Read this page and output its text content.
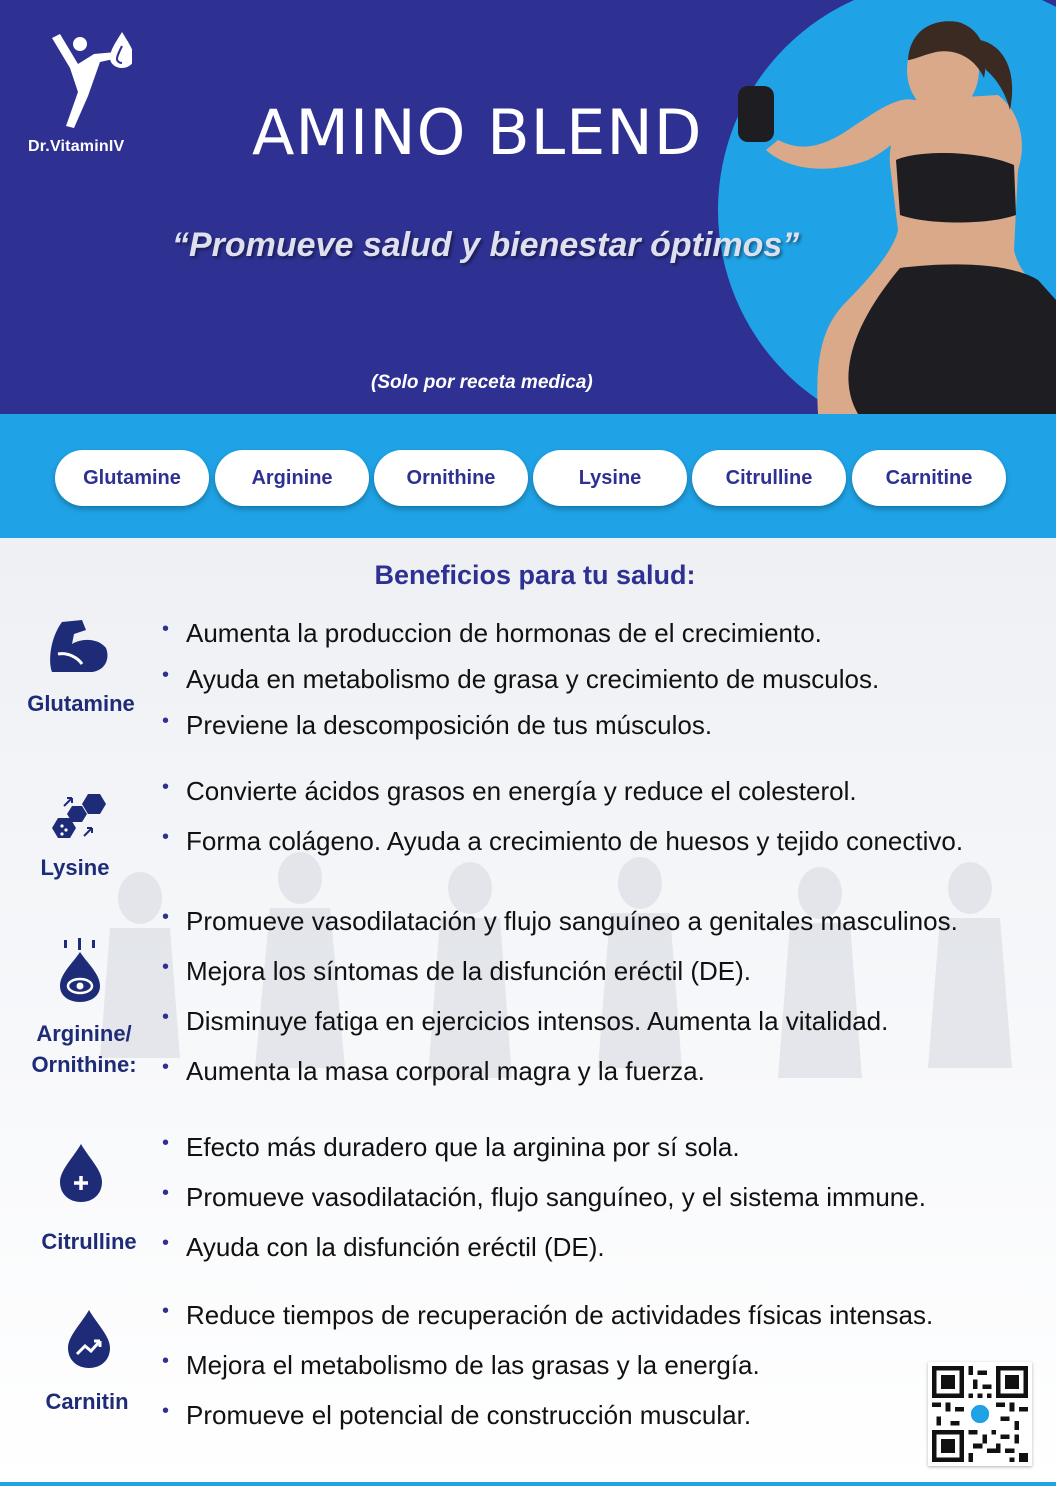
Dr.VitaminIV AMINO BLEND
“Promueve salud y bienestar óptimos”
(Solo por receta medica)
Glutamine	Arginine	Ornithine	Lysine	Citrulline	Carnitine
Beneficios para tu salud:
Glutamine
• Aumenta la produccion de hormonas de el crecimiento.
• Ayuda en metabolismo de grasa y crecimiento de musculos.
• Previene la descomposición de tus músculos.
Lysine
• Convierte ácidos grasos en energía y reduce el colesterol.
• Forma colágeno. Ayuda a crecimiento de huesos y tejido conectivo.
Arginine/
Ornithine:
• Promueve vasodilatación y flujo sanguíneo a genitales masculinos.
• Mejora los síntomas de la disfunción eréctil (DE).
• Disminuye fatiga en ejercicios intensos. Aumenta la vitalidad.
• Aumenta la masa corporal magra y la fuerza.
Citrulline
• Efecto más duradero que la arginina por sí sola.
• Promueve vasodilatación, flujo sanguíneo, y el sistema immune.
• Ayuda con la disfunción eréctil (DE).
Carnitin
• Reduce tiempos de recuperación de actividades físicas intensas.
• Mejora el metabolismo de las grasas y la energía.
• Promueve el potencial de construcción muscular.
